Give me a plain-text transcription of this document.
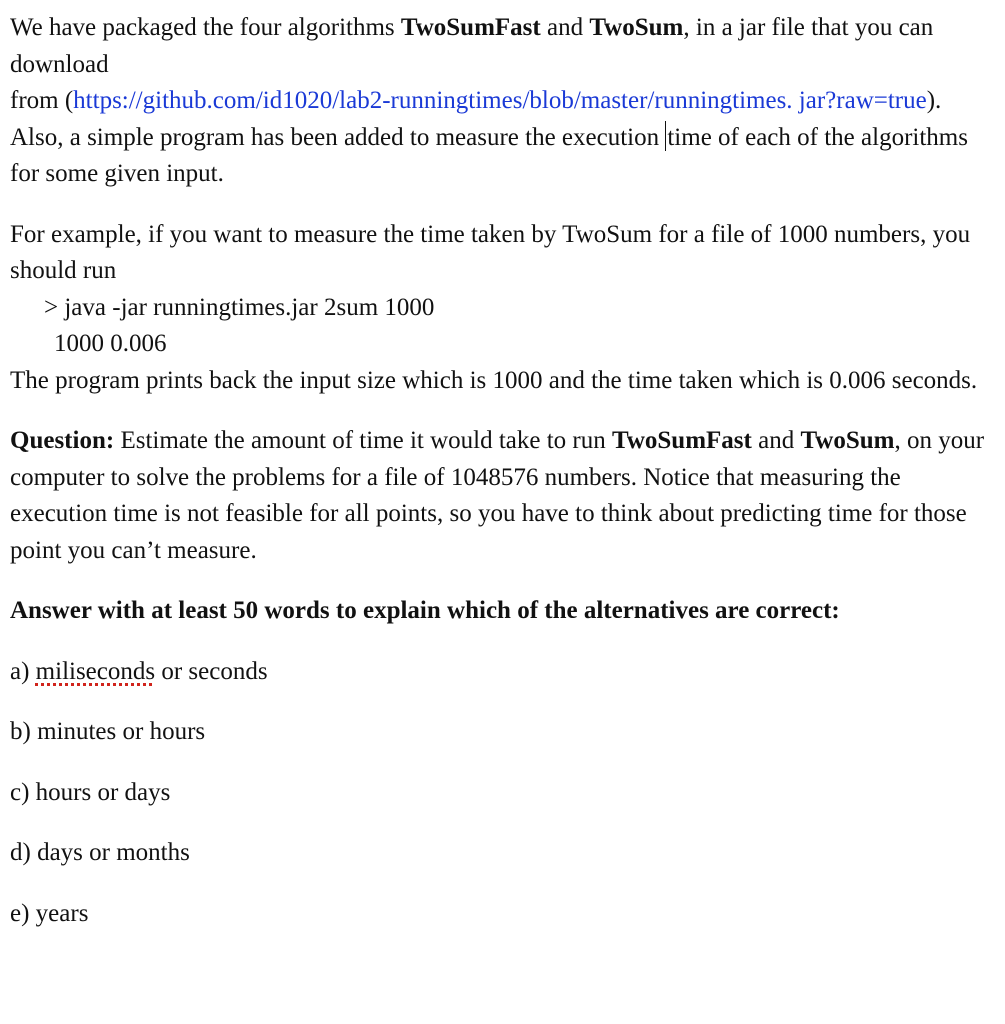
We have packaged the four algorithms TwoSumFast and TwoSum, in a jar file that you can download
from (https://github.com/id1020/lab2-runningtimes/blob/master/runningtimes. jar?raw=true). Also, a simple program has been added to measure the execution time of each of the algorithms for some given input.

For example, if you want to measure the time taken by TwoSum for a file of 1000 numbers, you should run

> java -jar runningtimes.jar 2sum 1000

1000 0.006

The program prints back the input size which is 1000 and the time taken which is 0.006 seconds.

Question: Estimate the amount of time it would take to run TwoSumFast and TwoSum, on your computer to solve the problems for a file of 1048576 numbers. Notice that measuring the execution time is not feasible for all points, so you have to think about predicting time for those point you can’t measure.

Answer with at least 50 words to explain which of the alternatives are correct:

a) miliseconds or seconds

b) minutes or hours

c) hours or days

d) days or months

e) years
